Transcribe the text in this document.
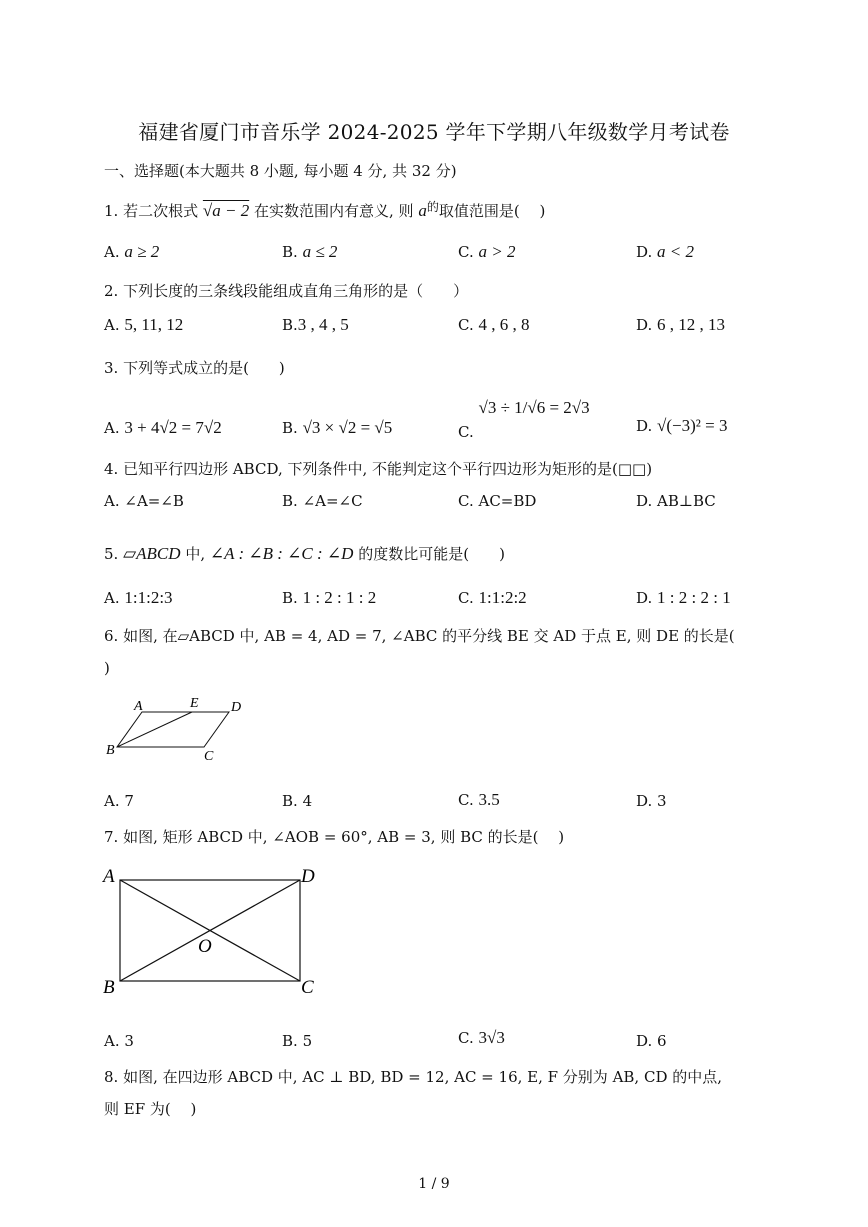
福建省厦门市音乐学 2024-2025 学年下学期八年级数学月考试卷
一、选择题(本大题共 8 小题, 每小题 4 分, 共 32 分)
1. 若二次根式 √a − 2 在实数范围内有意义, 则 $a^的$取值范围是(　 )
A. a ≥ 2	B. a ≤ 2	C. a > 2	D. a < 2
2. 下列长度的三条线段能组成直角三角形的是（　　）
A. 5, 11, 12	B.3 , 4 , 5	C. 4 , 6 , 8	D. 6 , 12 , 13
3. 下列等式成立的是(　　)
A. 3 + 4√2 = 7√2	B. √3 × √2 = √5	C. √3 ÷ 1/√6 = 2√3
D. √(−3)² = 3
4. 已知平行四边形 ABCD, 下列条件中, 不能判定这个平行四边形为矩形的是(□□)
A. ∠A=∠B	B. ∠A=∠C	C. AC=BD	D. AB⊥BC
5. ▱ABCD 中, ∠A : ∠B : ∠C : ∠D 的度数比可能是(　　)
A. 1:1:2:3	B. 1 : 2 : 1 : 2	C. 1:1:2:2	D. 1 : 2 : 2 : 1
6. 如图, 在▱ABCD 中, AB = 4, AD = 7, ∠ABC 的平分线 BE 交 AD 于点 E, 则 DE 的长是(
)
A	E D
B	C
A. 7	B. 4	C. 3.5	D. 3
7. 如图, 矩形 ABCD 中, ∠AOB = 60°, AB = 3, 则 BC 的长是(　 )
A	D
O
B	C
A. 3	B. 5	C. 3√3	D. 6
8. 如图, 在四边形 ABCD 中, AC ⊥ BD, BD = 12, AC = 16, E, F 分别为 AB, CD 的中点,
则 EF 为(　 )
1 / 9
